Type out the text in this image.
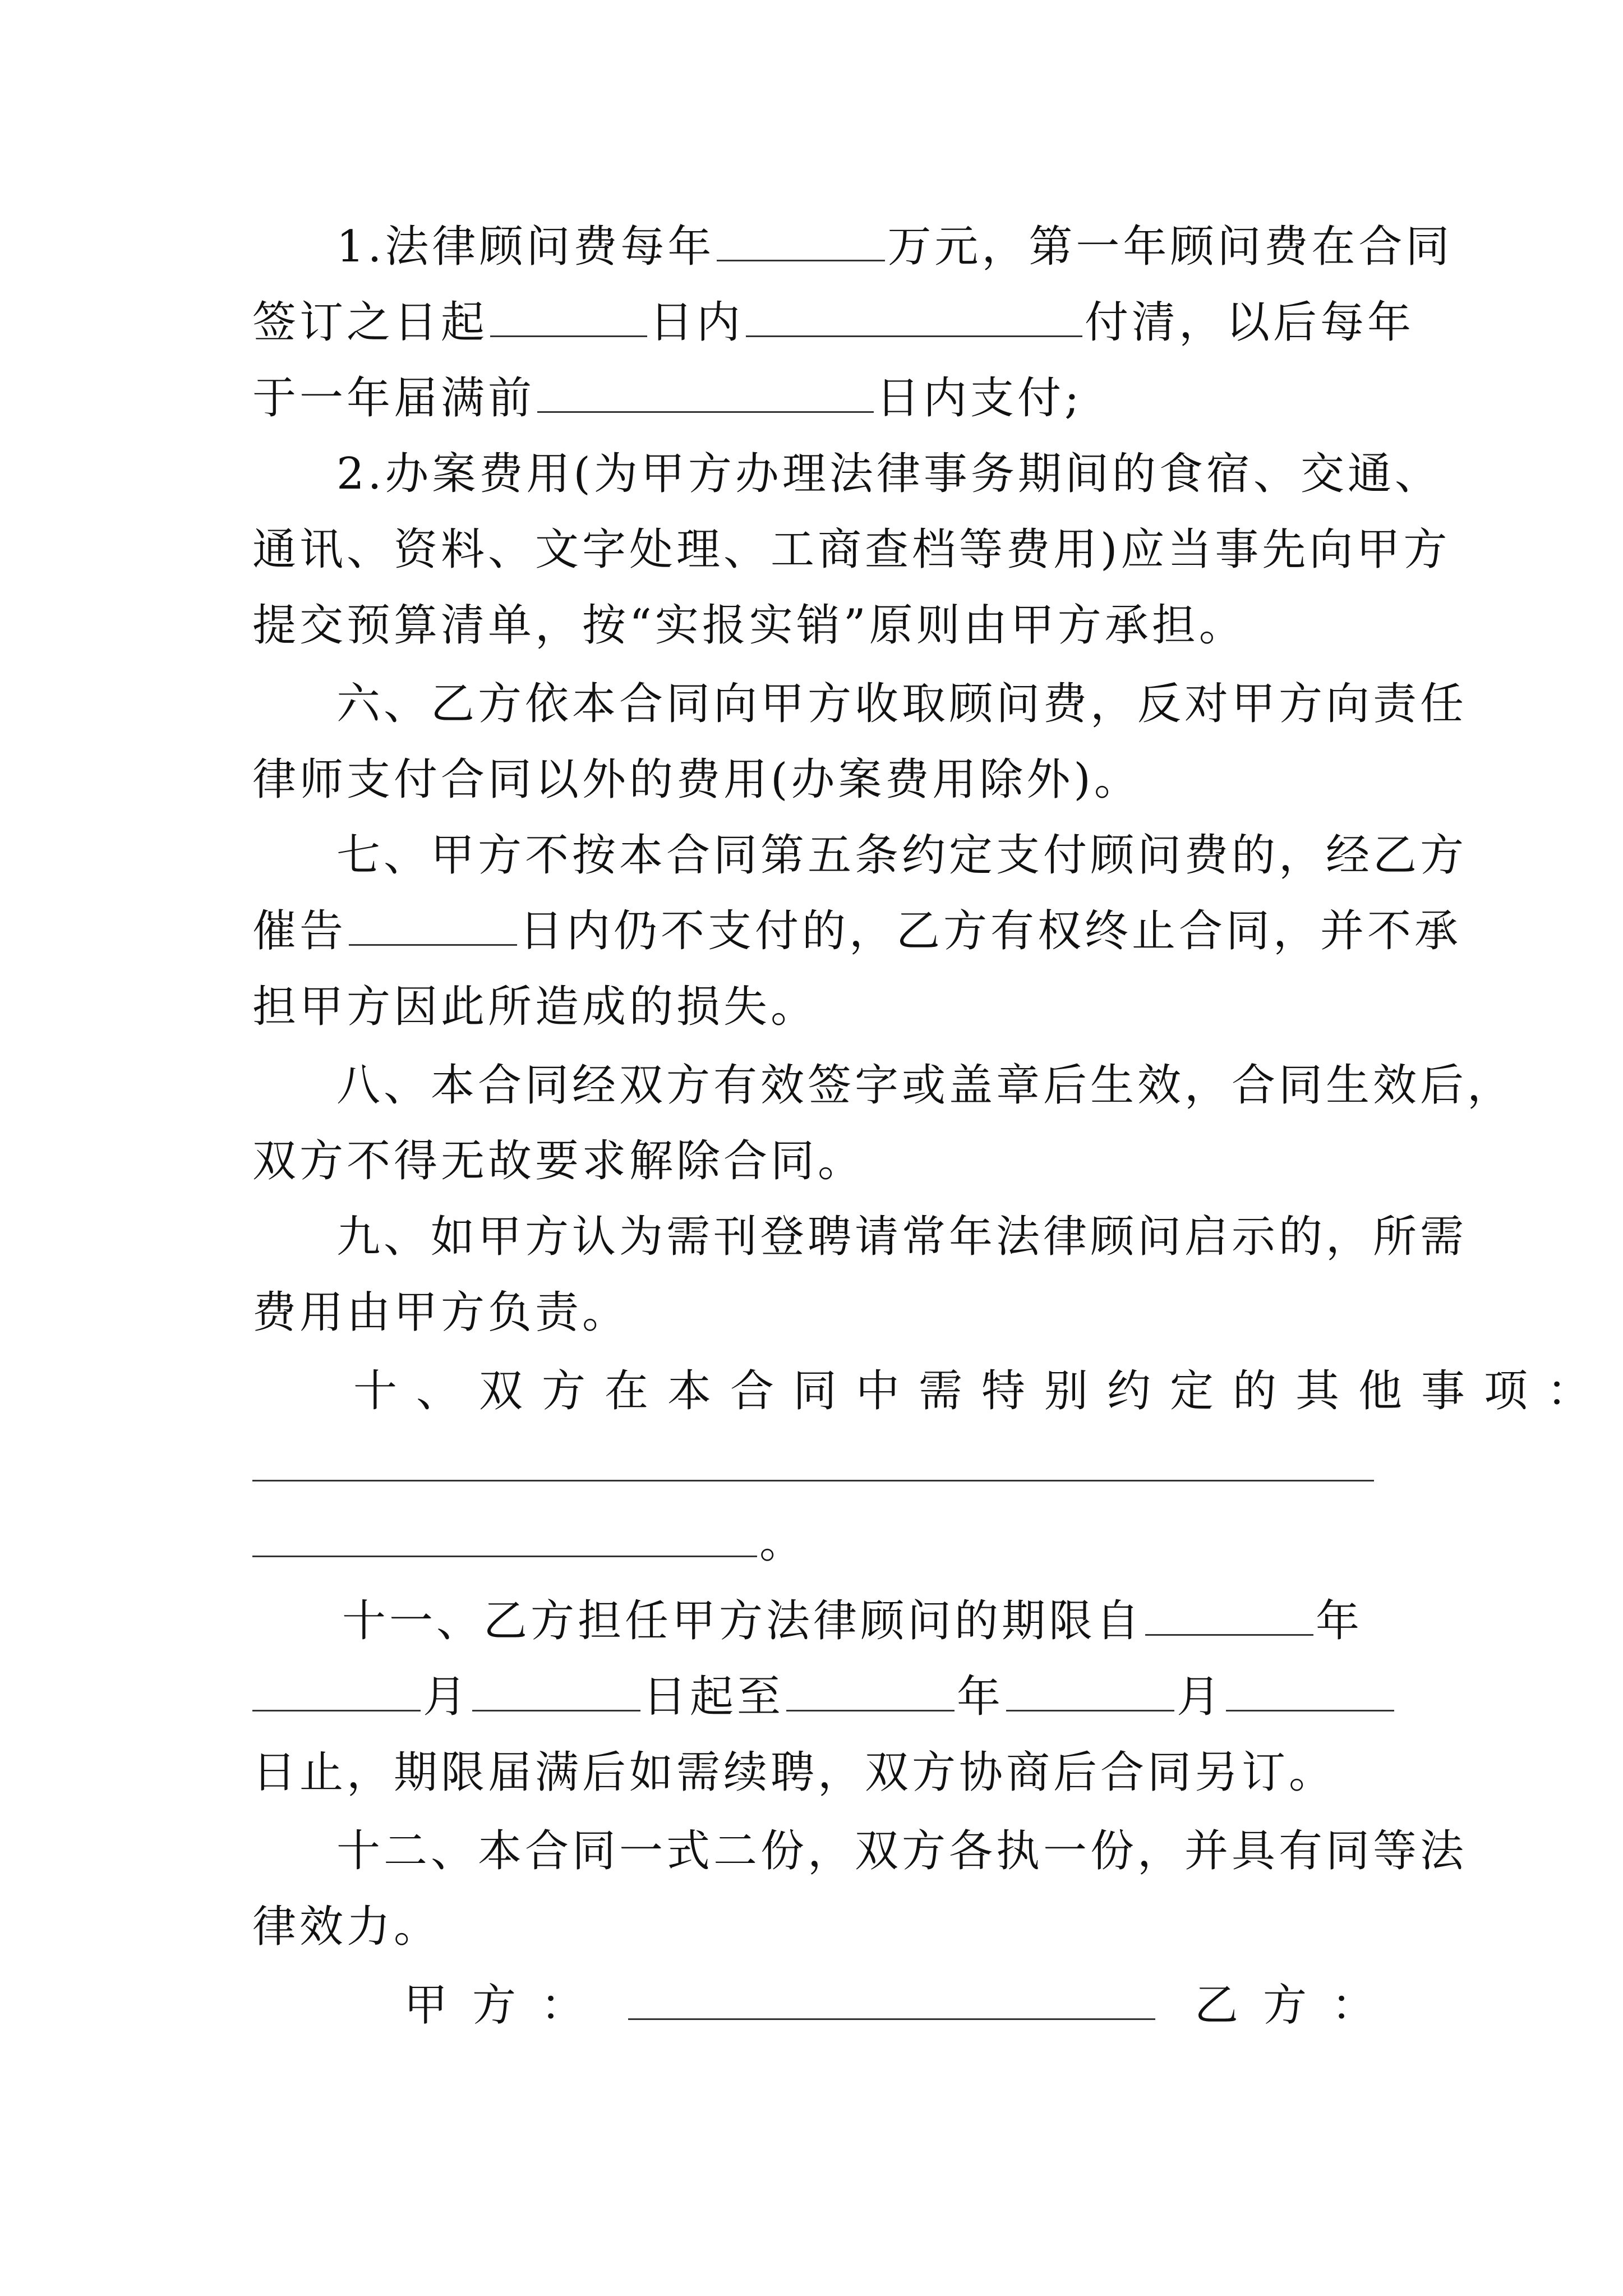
1.法律顾问费每年	万元，第一年顾问费在合同
签订之日起	日内	付清，以后每年
于一年届满前	日内支付;
2.办案费用(为甲方办理法律事务期间的食宿、交通、
通讯、资料、文字处理、工商查档等费用)应当事先向甲方
提交预算清单，按“实报实销”原则由甲方承担。
六、乙方依本合同向甲方收取顾问费，反对甲方向责任
律师支付合同以外的费用(办案费用除外)。
七、甲方不按本合同第五条约定支付顾问费的，经乙方
催告	日内仍不支付的，乙方有权终止合同，并不承
担甲方因此所造成的损失。
八、本合同经双方有效签字或盖章后生效，合同生效后，
双方不得无故要求解除合同。
九、如甲方认为需刊登聘请常年法律顾问启示的，所需
费用由甲方负责。
十、双方在本合同中需特别约定的其他事项：
。
十一、乙方担任甲方法律顾问的期限自	年
月	日起至	年	月
日止，期限届满后如需续聘，双方协商后合同另订。
十二、本合同一式二份，双方各执一份，并具有同等法
律效力。
甲方：	乙方：
